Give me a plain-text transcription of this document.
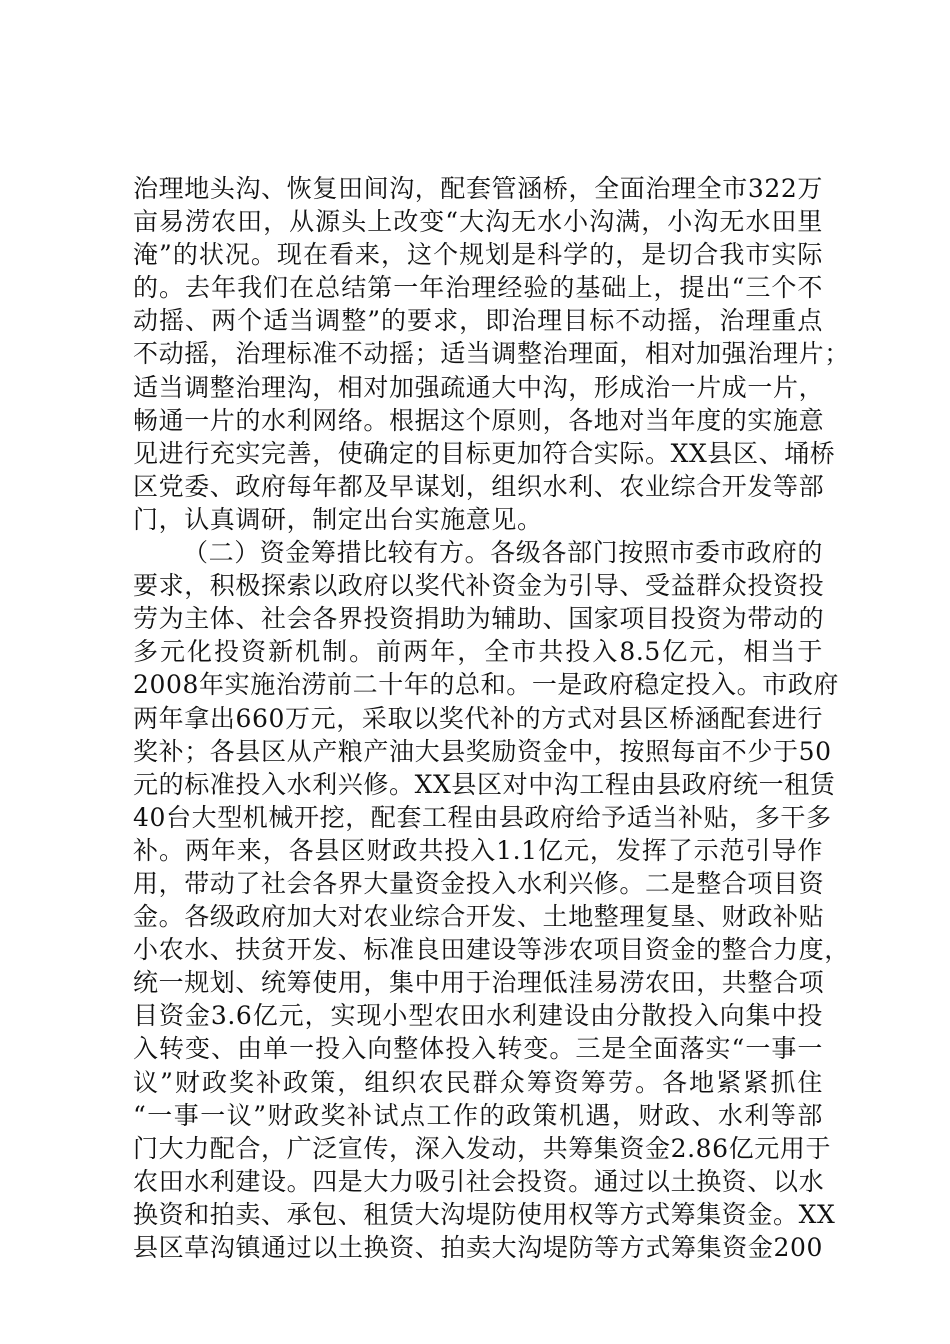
治理地头沟、恢复田间沟，配套管涵桥，全面治理全市322万
亩易涝农田，从源头上改变“大沟无水小沟满，小沟无水田里
淹”的状况。现在看来，这个规划是科学的，是切合我市实际
的。去年我们在总结第一年治理经验的基础上，提出“三个不
动摇、两个适当调整”的要求，即治理目标不动摇，治理重点
不动摇，治理标准不动摇；适当调整治理面，相对加强治理片；
适当调整治理沟，相对加强疏通大中沟，形成治一片成一片，
畅通一片的水利网络。根据这个原则，各地对当年度的实施意
见进行充实完善，使确定的目标更加符合实际。XX县区、埇桥
区党委、政府每年都及早谋划，组织水利、农业综合开发等部
门，认真调研，制定出台实施意见。
（二）资金筹措比较有方。各级各部门按照市委市政府的
要求，积极探索以政府以奖代补资金为引导、受益群众投资投
劳为主体、社会各界投资捐助为辅助、国家项目投资为带动的
多元化投资新机制。前两年，全市共投入8.5亿元，相当于
2008年实施治涝前二十年的总和。一是政府稳定投入。市政府
两年拿出660万元，采取以奖代补的方式对县区桥涵配套进行
奖补；各县区从产粮产油大县奖励资金中，按照每亩不少于50
元的标准投入水利兴修。XX县区对中沟工程由县政府统一租赁
40台大型机械开挖，配套工程由县政府给予适当补贴，多干多
补。两年来，各县区财政共投入1.1亿元，发挥了示范引导作
用，带动了社会各界大量资金投入水利兴修。二是整合项目资
金。各级政府加大对农业综合开发、土地整理复垦、财政补贴
小农水、扶贫开发、标准良田建设等涉农项目资金的整合力度，
统一规划、统筹使用，集中用于治理低洼易涝农田，共整合项
目资金3.6亿元，实现小型农田水利建设由分散投入向集中投
入转变、由单一投入向整体投入转变。三是全面落实“一事一
议”财政奖补政策，组织农民群众筹资筹劳。各地紧紧抓住
“一事一议”财政奖补试点工作的政策机遇，财政、水利等部
门大力配合，广泛宣传，深入发动，共筹集资金2.86亿元用于
农田水利建设。四是大力吸引社会投资。通过以土换资、以水
换资和拍卖、承包、租赁大沟堤防使用权等方式筹集资金。XX
县区草沟镇通过以土换资、拍卖大沟堤防等方式筹集资金200
